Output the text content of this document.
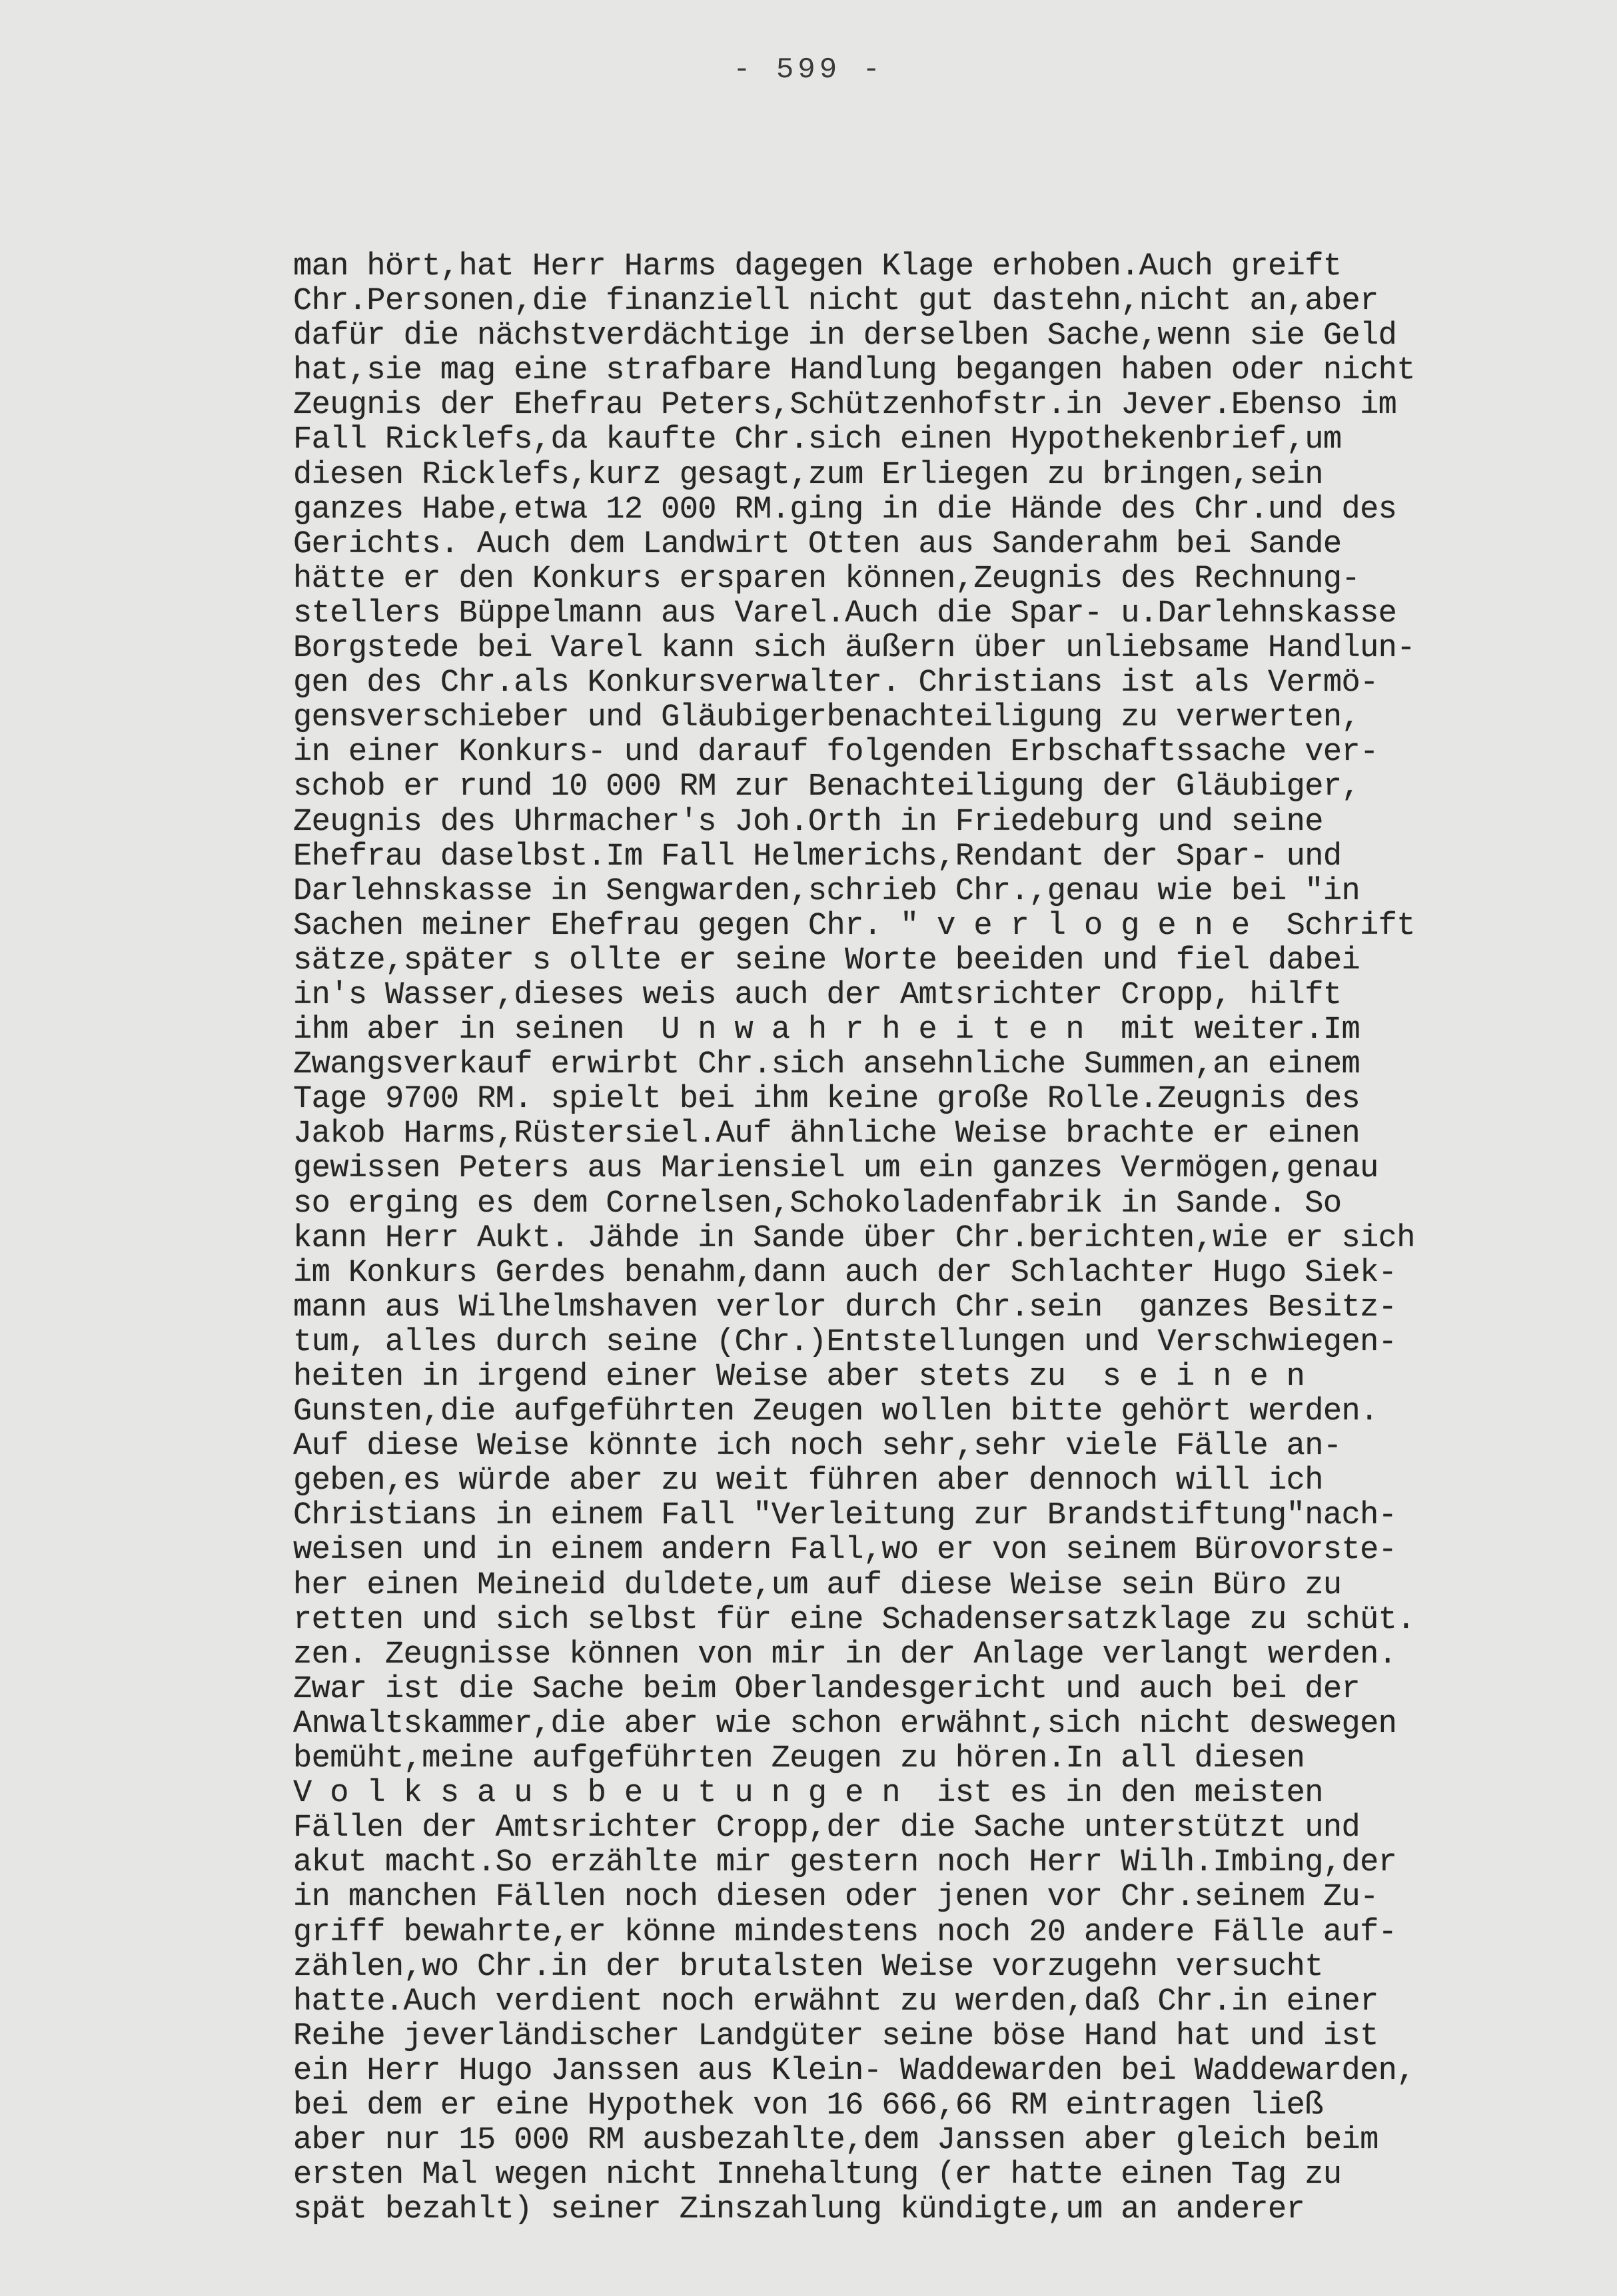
- 599 -
man hört,hat Herr Harms dagegen Klage erhoben.Auch greift
Chr.Personen,die finanziell nicht gut dastehn,nicht an,aber
dafür die nächstverdächtige in derselben Sache,wenn sie Geld
hat,sie mag eine strafbare Handlung begangen haben oder nicht
Zeugnis der Ehefrau Peters,Schützenhofstr.in Jever.Ebenso im
Fall Ricklefs,da kaufte Chr.sich einen Hypothekenbrief,um
diesen Ricklefs,kurz gesagt,zum Erliegen zu bringen,sein
ganzes Habe,etwa 12 000 RM.ging in die Hände des Chr.und des
Gerichts. Auch dem Landwirt Otten aus Sanderahm bei Sande
hätte er den Konkurs ersparen können,Zeugnis des Rechnung-
stellers Büppelmann aus Varel.Auch die Spar- u.Darlehnskasse
Borgstede bei Varel kann sich äußern über unliebsame Handlun-
gen des Chr.als Konkursverwalter. Christians ist als Vermö-
gensverschieber und Gläubigerbenachteiligung zu verwerten,
in einer Konkurs- und darauf folgenden Erbschaftssache ver-
schob er rund 10 000 RM zur Benachteiligung der Gläubiger,
Zeugnis des Uhrmacher's Joh.Orth in Friedeburg und seine
Ehefrau daselbst.Im Fall Helmerichs,Rendant der Spar- und
Darlehnskasse in Sengwarden,schrieb Chr.,genau wie bei "in
Sachen meiner Ehefrau gegen Chr. " v e r l o g e n e  Schrift
sätze,später s ollte er seine Worte beeiden und fiel dabei
in's Wasser,dieses weis auch der Amtsrichter Cropp, hilft
ihm aber in seinen  U n w a h r h e i t e n  mit weiter.Im
Zwangsverkauf erwirbt Chr.sich ansehnliche Summen,an einem
Tage 9700 RM. spielt bei ihm keine große Rolle.Zeugnis des
Jakob Harms,Rüstersiel.Auf ähnliche Weise brachte er einen
gewissen Peters aus Mariensiel um ein ganzes Vermögen,genau
so erging es dem Cornelsen,Schokoladenfabrik in Sande. So
kann Herr Aukt. Jähde in Sande über Chr.berichten,wie er sich
im Konkurs Gerdes benahm,dann auch der Schlachter Hugo Siek-
mann aus Wilhelmshaven verlor durch Chr.sein  ganzes Besitz-
tum, alles durch seine (Chr.)Entstellungen und Verschwiegen-
heiten in irgend einer Weise aber stets zu  s e i n e n
Gunsten,die aufgeführten Zeugen wollen bitte gehört werden.
Auf diese Weise könnte ich noch sehr,sehr viele Fälle an-
geben,es würde aber zu weit führen aber dennoch will ich
Christians in einem Fall "Verleitung zur Brandstiftung"nach-
weisen und in einem andern Fall,wo er von seinem Bürovorste-
her einen Meineid duldete,um auf diese Weise sein Büro zu
retten und sich selbst für eine Schadensersatzklage zu schüt.
zen. Zeugnisse können von mir in der Anlage verlangt werden.
Zwar ist die Sache beim Oberlandesgericht und auch bei der
Anwaltskammer,die aber wie schon erwähnt,sich nicht deswegen
bemüht,meine aufgeführten Zeugen zu hören.In all diesen
V o l k s a u s b e u t u n g e n  ist es in den meisten
Fällen der Amtsrichter Cropp,der die Sache unterstützt und
akut macht.So erzählte mir gestern noch Herr Wilh.Imbing,der
in manchen Fällen noch diesen oder jenen vor Chr.seinem Zu-
griff bewahrte,er könne mindestens noch 20 andere Fälle auf-
zählen,wo Chr.in der brutalsten Weise vorzugehn versucht
hatte.Auch verdient noch erwähnt zu werden,daß Chr.in einer
Reihe jeverländischer Landgüter seine böse Hand hat und ist
ein Herr Hugo Janssen aus Klein- Waddewarden bei Waddewarden,
bei dem er eine Hypothek von 16 666,66 RM eintragen ließ
aber nur 15 000 RM ausbezahlte,dem Janssen aber gleich beim
ersten Mal wegen nicht Innehaltung (er hatte einen Tag zu
spät bezahlt) seiner Zinszahlung kündigte,um an anderer
